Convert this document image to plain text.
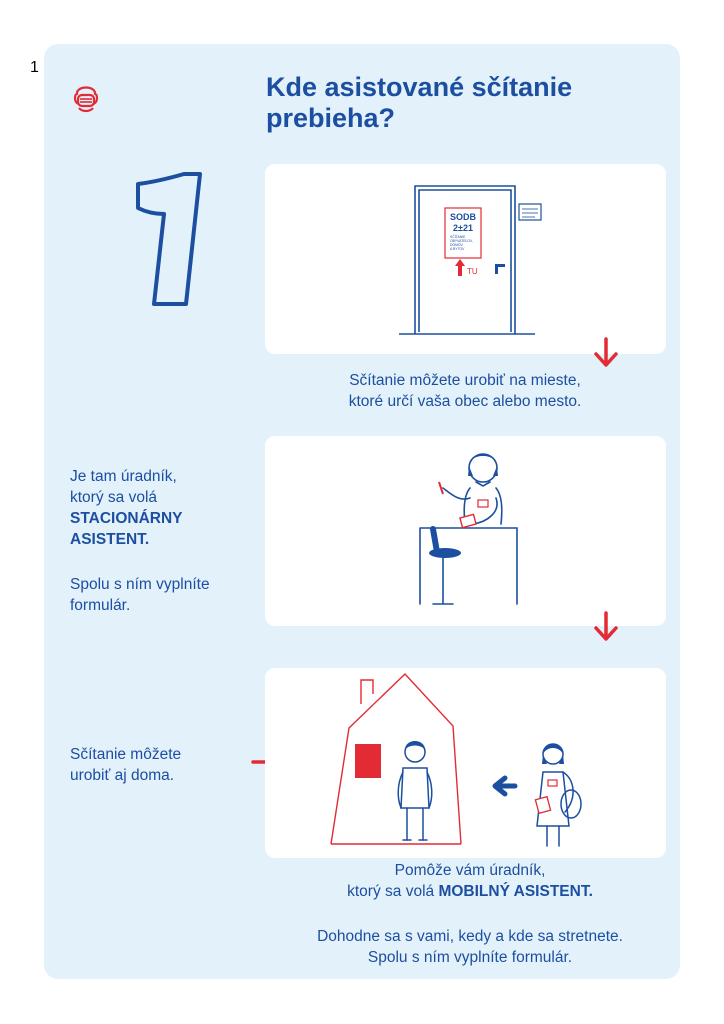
Kde asistované sčítanie
prebieha?
1
SODB
2±21
SČÍTANIE
OBYVATEĽOV,
DOMOV
A BYTOV
TU
Sčítanie môžete urobiť na mieste,
ktoré určí vaša obec alebo mesto.
Je tam úradník,
ktorý sa volá
STACIONÁRNY
ASISTENT.
Spolu s ním vyplníte
formulár.
Sčítanie môžete
urobiť aj doma.
Pomôže vám úradník,
ktorý sa volá MOBILNÝ ASISTENT.
Dohodne sa s vami, kedy a kde sa stretnete.
Spolu s ním vyplníte formulár.
